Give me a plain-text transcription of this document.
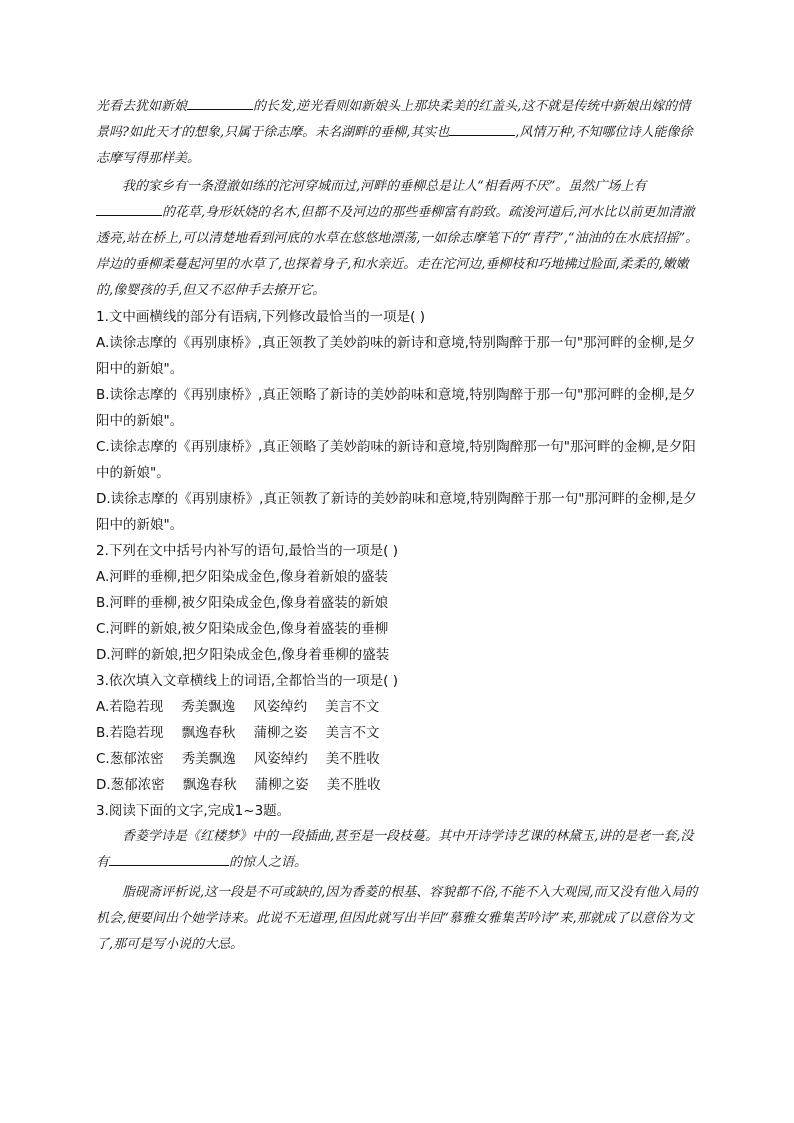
光看去犹如新娘	的长发,逆光看则如新娘头上那块柔美的红盖头,这不就是传统中新娘出嫁的情景吗?如此天才的想象,只属于徐志摩。未名湖畔的垂柳,其实也	,风情万种,不知哪位诗人能像徐志摩写得那样美。

我的家乡有一条澄澈如练的沱河穿城而过,河畔的垂柳总是让人“相看两不厌”。虽然广场上有的花草,身形妖娆的名木,但都不及河边的那些垂柳富有韵致。疏浚河道后,河水比以前更加清澈透亮,站在桥上,可以清楚地看到河底的水草在悠悠地漂荡,一如徐志摩笔下的“青荇”,“油油的在水底招摇”。岸边的垂柳柔蔓起河里的水草了,也探着身子,和水亲近。走在沱河边,垂柳枝和巧地拂过脸面,柔柔的,嫩嫩的,像婴孩的手,但又不忍伸手去撩开它。

1.文中画横线的部分有语病,下列修改最恰当的一项是( )

A.读徐志摩的《再别康桥》,真正领教了美妙韵味的新诗和意境,特别陶醉于那一句"那河畔的金柳,是夕阳中的新娘"。

B.读徐志摩的《再别康桥》,真正领略了新诗的美妙韵味和意境,特别陶醉于那一句"那河畔的金柳,是夕阳中的新娘"。

C.读徐志摩的《再别康桥》,真正领略了美妙韵味的新诗和意境,特别陶醉那一句"那河畔的金柳,是夕阳中的新娘"。

D.读徐志摩的《再别康桥》,真正领教了新诗的美妙韵味和意境,特别陶醉于那一句"那河畔的金柳,是夕阳中的新娘"。

2.下列在文中括号内补写的语句,最恰当的一项是( )

A.河畔的垂柳,把夕阳染成金色,像身着新娘的盛装

B.河畔的垂柳,被夕阳染成金色,像身着盛装的新娘

C.河畔的新娘,被夕阳染成金色,像身着盛装的垂柳

D.河畔的新娘,把夕阳染成金色,像身着垂柳的盛装

3.依次填入文章横线上的词语,全都恰当的一项是( )

A.若隐若现 秀美飘逸 风姿绰约 美言不文

B.若隐若现 飘逸春秋 蒲柳之姿 美言不文

C.葱郁浓密 秀美飘逸 风姿绰约 美不胜收

D.葱郁浓密 飘逸春秋 蒲柳之姿 美不胜收

3.阅读下面的文字,完成1~3题。

香菱学诗是《红楼梦》中的一段插曲,甚至是一段枝蔓。其中开诗学诗艺课的林黛玉,讲的是老一套,没有	的惊人之语。

脂砚斋评析说,这一段是不可或缺的,因为香菱的根基、容貌都不俗,不能不入大观园,而又没有他入局的机会,便要间出个她学诗来。此说不无道理,但因此就写出半回“慕雅女雅集苦吟诗”来,那就成了以意俗为文了,那可是写小说的大忌。
